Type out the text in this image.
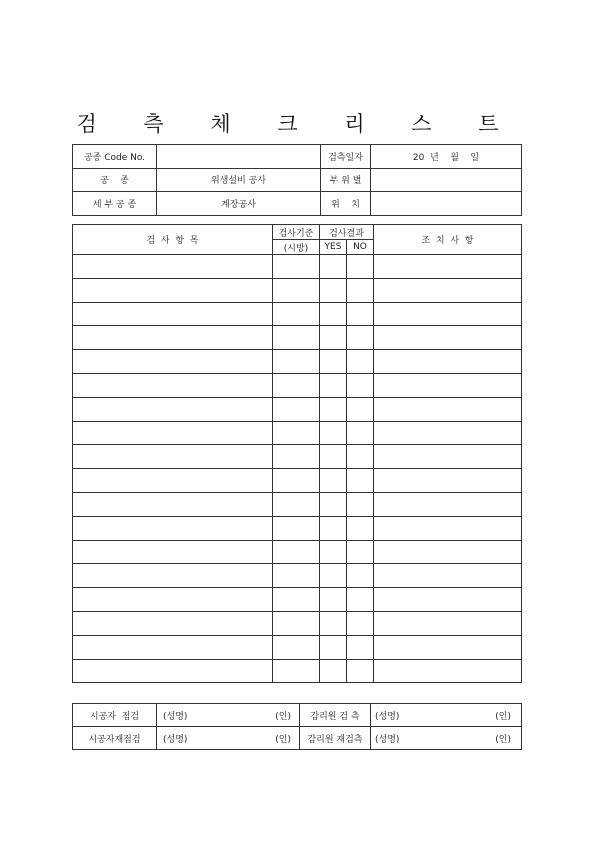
검 측 체 크 리 스 트
공종 Code No.		검측일자	20  년    월    일
공    종	위생설비 공사	부 위 별	
세 부 공 종	계장공사	위    치	
검  사  항  목	검사기준	검사결과		조  치  사  항
	(시방)	YES	NO	

시공자  점검	(성명)	(인)	감리원 검 측	(성명)	(인)
시공자재점검	(성명)	(인)	감리원 재검측	(성명)	(인)
